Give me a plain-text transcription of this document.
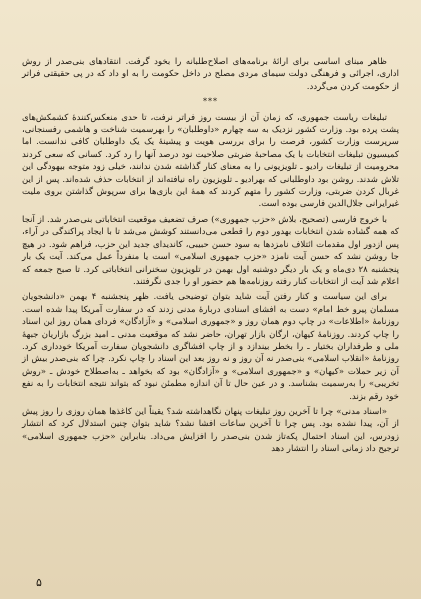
ظاهر مبنای اساسی برای ارائهٔ برنامه‌های اصلاح‌طلبانه را بخود گرفت. انتقادهای بنی‌صدر از روش اداری، اجرائی و فرهنگی دولت سیمای مردی مصلح در داخل حکومت را به او داد که در پی حقیقتی فراتر از حکومت کردن می‌گردد.

***

تبلیغات ریاست جمهوری، که زمان آن از بیست روز فراتر نرفت، تا حدی منعکس‌کنندهٔ کشمکش‌های پشت پرده بود. وزارت کشور نزدیک به سه چهارم «داوطلبان» را بهرسمیت شناخت و هاشمی رفسنجانی، سرپرست وزارت کشور، فرصت را برای بررسی هویت و پیشینهٔ یک یک داوطلبان کافی ندانست. اما کمیسیون تبلیغات انتخابات با یک مصاحبهٔ ضربتی صلاحیت نود درصد آنها را رد کرد. کسانی که سعی کردند محرومیت از تبلیغات رادیو ـ تلویزیونی را به معنای کنار گذاشته شدن ندانند، خیلی زود متوجه بیهودگی این تلاش شدند. روشن بود داوطلبانی که بهرادیو ـ تلویزیون راه نیافته‌اند از انتخابات حذف شده‌اند. پس از این غربال کردن ضربتی، وزارت کشور را متهم کردند که همهٔ این بازی‌ها برای سرپوش گذاشتن بروی ملیت غیرایرانی جلال‌الدین فارسی بوده است.

با خروج فارسی (تصحیح، بلاش «حزب جمهوری») صرف تضعیف موقعیت انتخاباتی بنی‌صدر شد. از آنجا که همه گشاده شدن انتخابات بهدور دوم را قطعی می‌دانستند کوشش می‌شد تا با ایجاد پراکندگی در آراء، پس ازدور اول مقدمات ائتلاف نامزدها به سود حسن حبیبی، کاندیدای جدید این حزب، فراهم شود. در هیچ جا روشن نشد که حسن آیت نامزد «حزب جمهوری اسلامی» است یا منفرداً عمل می‌کند. آیت یک بار پنجشنبه ۲۸ دی‌ماه و یک بار دیگر دوشنبه اول بهمن در تلویزیون سخنرانی انتخاباتی کرد. تا صبح جمعه که اعلام شد آیت از انتخابات کنار رفته روزنامه‌ها هم حضور او را جدی نگرفتند.

برای این سیاست و کنار رفتن آیت شاید بتوان توضیحی یافت. ظهر پنجشنبه ۴ بهمن «دانشجویان مسلمان پیرو خط امام» دست به افشای اسنادی دربارهٔ مدنی زدند که در سفارت آمریکا پیدا شده است. روزنامهٔ «اطلاعات» در چاپ دوم همان روز و «جمهوری اسلامی» و «آزادگان» فردای همان روز این اسناد را چاپ کردند. روزنامهٔ کیهان، ارگان بازار تهران، حاضر نشد که موقعیت مدنی ـ امید بزرگ بازاریان جبههٔ ملی و طرفداران بختیار ـ را بخطر بیندازد و از چاپ افشاگری دانشجویان سفارت آمریکا خودداری کرد. روزنامهٔ «انقلاب اسلامی» بنی‌صدر نه آن روز و نه روز بعد این اسناد را چاپ نکرد. چرا که بنی‌صدر بیش از آن زیر حملات «کیهان» و «جمهوری اسلامی» و «آزادگان» بود که بخواهد ـ به‌اصطلاح خودش ـ «روش تخریبی» را به‌رسمیت بشناسد. و در عین حال تا آن اندازه مطمئن نبود که بتواند نتیجه انتخابات را به نفع خود رقم بزند.

«اسناد مدنی» چرا تا آخرین روز تبلیغات پنهان نگاهداشته شد؟ یقیناً این کاغذها همان روزی را روز پیش از آن، پیدا نشده بود. پس چرا تا آخرین ساعات افشا نشد؟ شاید بتوان چنین استدلال کرد که انتشار زودرس، این اسناد احتمال پکه‌تاز شدن بنی‌صدر را افزایش می‌داد. بنابراین «حزب جمهوری اسلامی» ترجیح داد زمانی اسناد را انتشار دهد

۵
